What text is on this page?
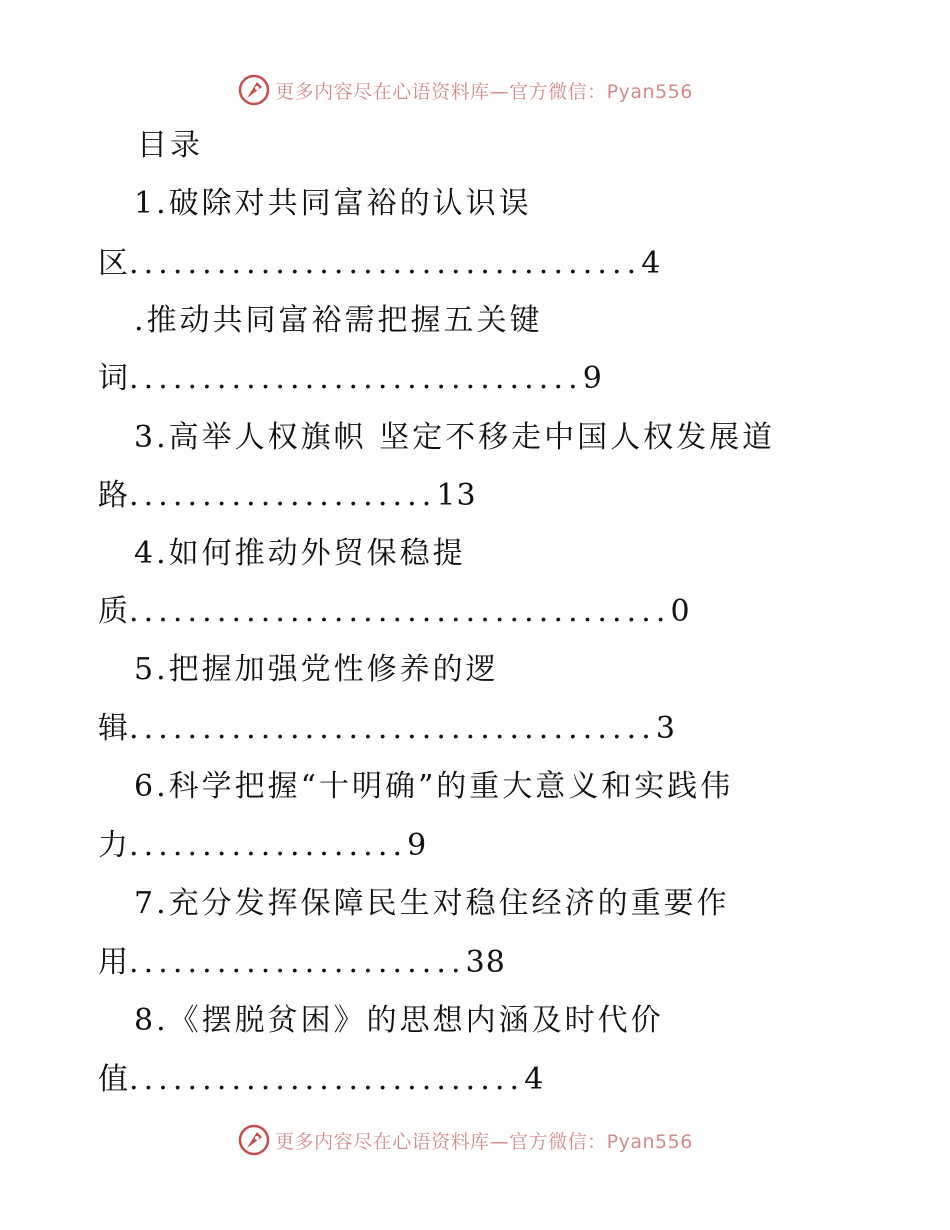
更多内容尽在心语资料库—官方微信：Pyan556
目录
1.破除对共同富裕的认识误
区...................................4
.推动共同富裕需把握五关键
词...............................9
3.高举人权旗帜 坚定不移走中国人权发展道
路.....................13
4.如何推动外贸保稳提
质.....................................0
5.把握加强党性修养的逻
辑....................................3
6.科学把握“十明确”的重大意义和实践伟
力...................9
7.充分发挥保障民生对稳住经济的重要作
用.......................38
8.《摆脱贫困》的思想内涵及时代价
值...........................4
更多内容尽在心语资料库—官方微信：Pyan556
